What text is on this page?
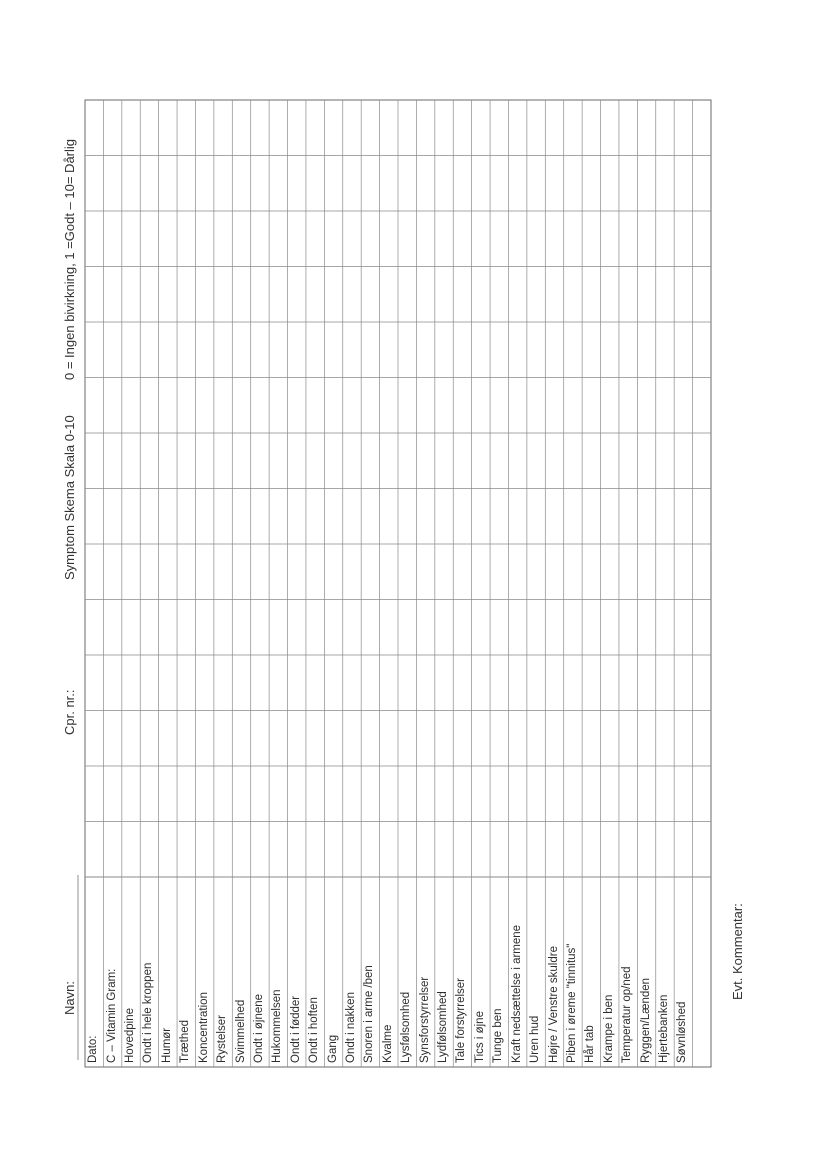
Navn:
Cpr. nr.:
Symptom Skema Skala 0-10
0 = Ingen bivirkning, 1 =Godt – 10= Dårlig
Evt. Kommentar:
Dato: C – Vitamin Gram: Hovedpine Ondt i hele kroppen Humør Træthed Koncentration Rystelser Svimmelhed Ondt i øjnene Hukommelsen Ondt i fødder Ondt i hoften Gang Ondt i nakken Snoren i arme /ben Kvalme Lysfølsomhed Synsforstyrrelser Lydfølsomhed Tale forstyrrelser Tics i øjne Tunge ben Kraft nedsættelse i armene Uren hud Højre / Venstre skuldre Piben i øreme "tinnitus" Hår tab Krampe i ben Temperatur op/ned Ryggen/Lænden Hjertebanken Søvnløshed
